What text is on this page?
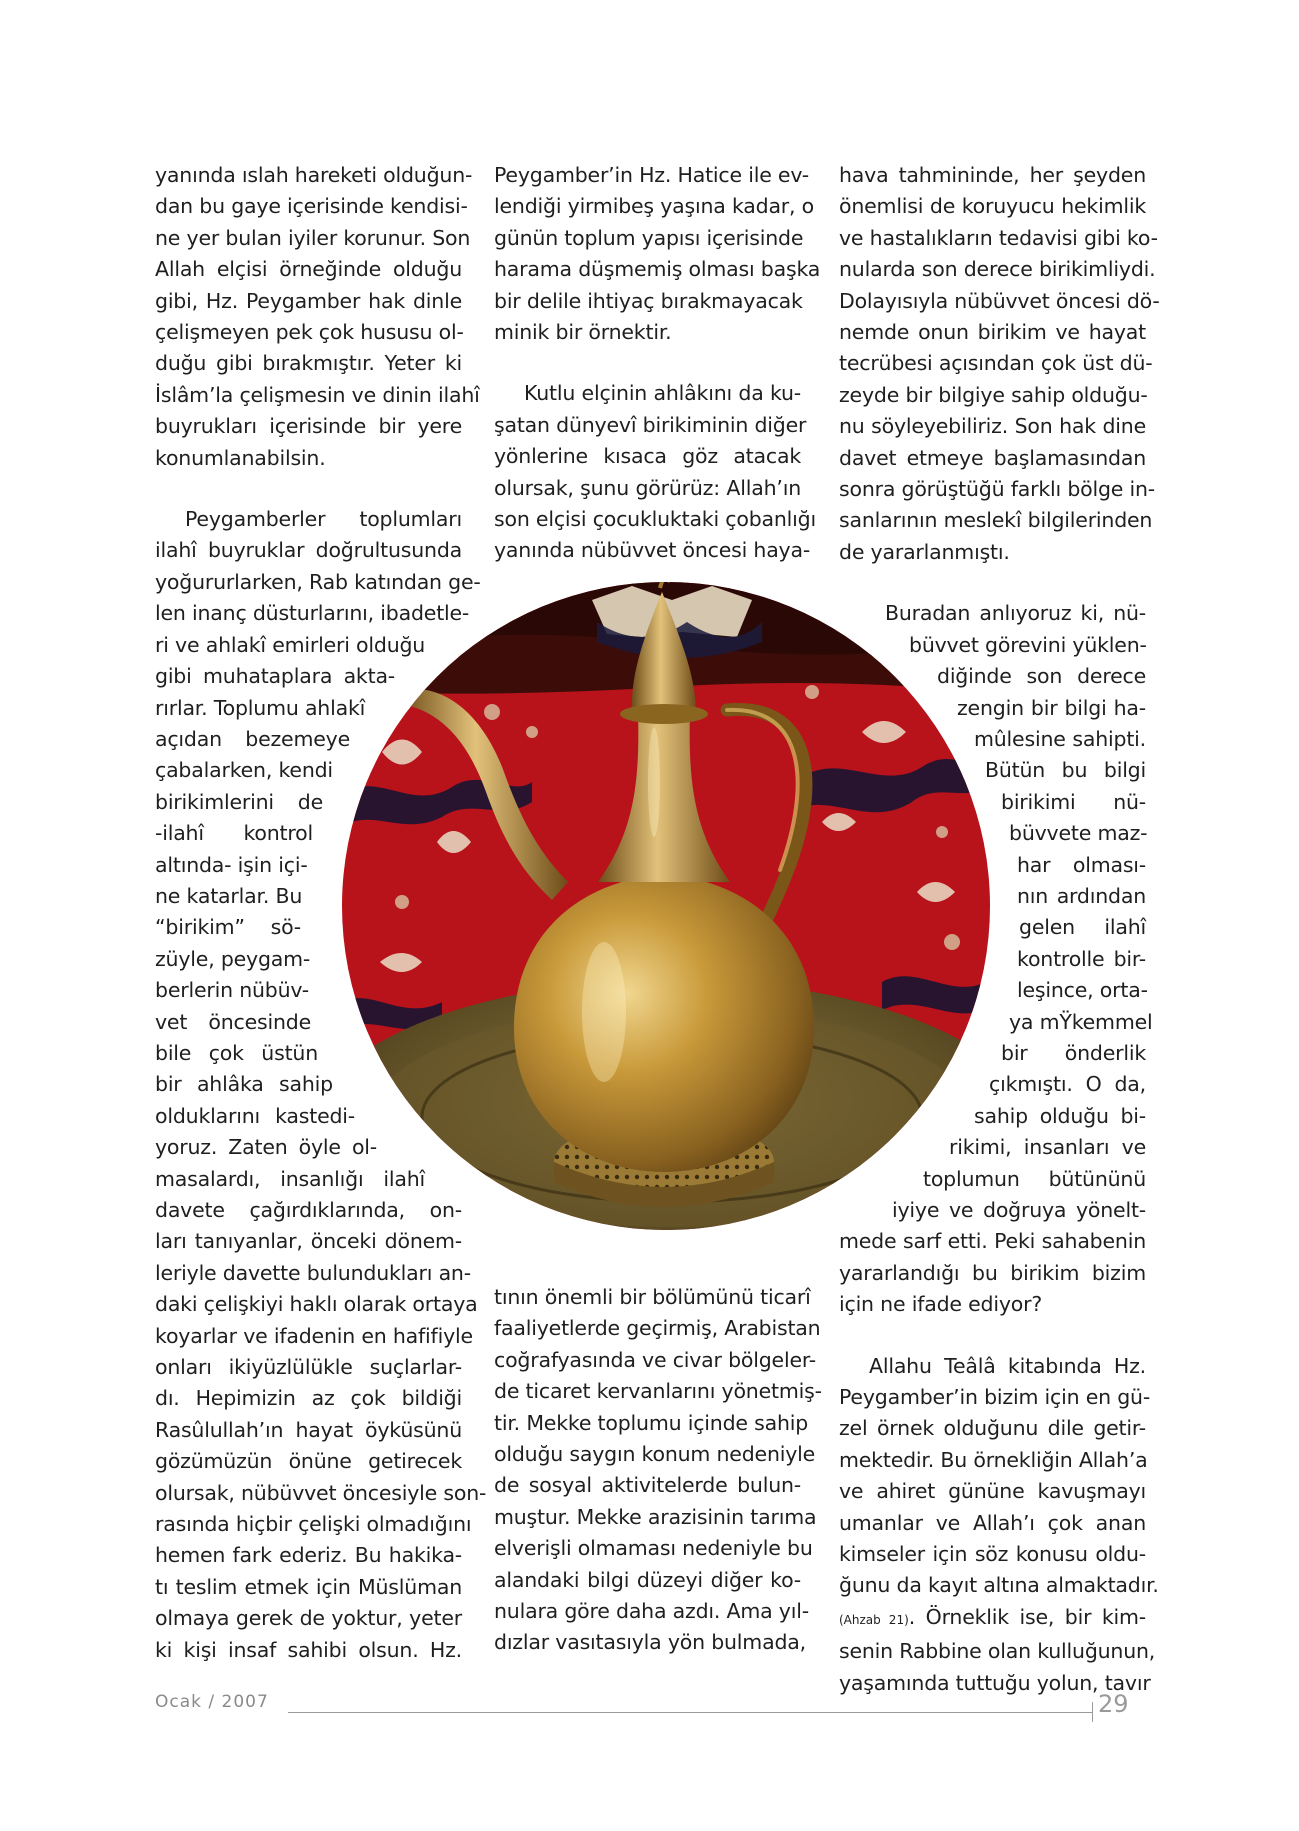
yanında ıslah hareketi olduğun-
dan bu gaye içerisinde kendisi-
ne yer bulan iyiler korunur. Son
Allah elçisi örneğinde olduğu
gibi, Hz. Peygamber hak dinle
çelişmeyen pek çok hususu ol-
duğu gibi bırakmıştır. Yeter ki
İslâm’la çelişmesin ve dinin ilahî
buyrukları içerisinde bir yere
konumlanabilsin.

Peygamberler toplumları
ilahî buyruklar doğrultusunda
yoğururlarken, Rab katından ge-
len inanç düsturlarını, ibadetle-
ri ve ahlakî emirleri olduğu
gibi muhataplara akta-
rırlar. Toplumu ahlakî
açıdan bezemeye
çabalarken, kendi
birikimlerini de
-ilahî kontrol
altında- işin içi-
ne katarlar. Bu
“birikim” sö-
züyle, peygam-
berlerin nübüv-
vet öncesinde
bile çok üstün
bir ahlâka sahip
olduklarını kastedi-
yoruz. Zaten öyle ol-
masalardı, insanlığı ilahî
davete çağırdıklarında, on-
ları tanıyanlar, önceki dönem-
leriyle davette bulundukları an-
daki çelişkiyi haklı olarak ortaya
koyarlar ve ifadenin en hafifiyle
onları ikiyüzlülükle suçlarlar-
dı. Hepimizin az çok bildiği
Rasûlullah’ın hayat öyküsünü
gözümüzün önüne getirecek
olursak, nübüvvet öncesiyle son-
rasında hiçbir çelişki olmadığını
hemen fark ederiz. Bu hakika-
tı teslim etmek için Müslüman
olmaya gerek de yoktur, yeter
ki kişi insaf sahibi olsun. Hz.

Peygamber’in Hz. Hatice ile ev-
lendiği yirmibeş yaşına kadar, o
günün toplum yapısı içerisinde
harama düşmemiş olması başka
bir delile ihtiyaç bırakmayacak
minik bir örnektir.

Kutlu elçinin ahlâkını da ku-
şatan dünyevî birikiminin diğer
yönlerine kısaca göz atacak
olursak, şunu görürüz: Allah’ın
son elçisi çocukluktaki çobanlığı
yanında nübüvvet öncesi haya-

tının önemli bir bölümünü ticarî
faaliyetlerde geçirmiş, Arabistan
coğrafyasında ve civar bölgeler-
de ticaret kervanlarını yönetmiş-
tir. Mekke toplumu içinde sahip
olduğu saygın konum nedeniyle
de sosyal aktivitelerde bulun-
muştur. Mekke arazisinin tarıma
elverişli olmaması nedeniyle bu
alandaki bilgi düzeyi diğer ko-
nulara göre daha azdı. Ama yıl-
dızlar vasıtasıyla yön bulmada,

hava tahmininde, her şeyden
önemlisi de koruyucu hekimlik
ve hastalıkların tedavisi gibi ko-
nularda son derece birikimliydi.
Dolayısıyla nübüvvet öncesi dö-
nemde onun birikim ve hayat
tecrübesi açısından çok üst dü-
zeyde bir bilgiye sahip olduğu-
nu söyleyebiliriz. Son hak dine
davet etmeye başlamasından
sonra görüştüğü farklı bölge in-
sanlarının meslekî bilgilerinden
de yararlanmıştı.

Buradan anlıyoruz ki, nü-
büvvet görevini yüklen-
diğinde son derece
zengin bir bilgi ha-
mûlesine sahipti.
Bütün bu bilgi
birikimi nü-
büvvete maz-
har olması-
nın ardından
gelen ilahî
kontrolle bir-
leşince, orta-
ya mŸkemmel
bir önderlik
çıkmıştı. O da,
sahip olduğu bi-
rikimi, insanları ve
toplumun bütününü
iyiye ve doğruya yönelt-
mede sarf etti. Peki sahabenin
yararlandığı bu birikim bizim
için ne ifade ediyor?

Allahu Teâlâ kitabında Hz.
Peygamber’in bizim için en gü-
zel örnek olduğunu dile getir-
mektedir. Bu örnekliğin Allah’a
ve ahiret gününe kavuşmayı
umanlar ve Allah’ı çok anan
kimseler için söz konusu oldu-
ğunu da kayıt altına almaktadır.
(Ahzab 21). Örneklik ise, bir kim-
senin Rabbine olan kulluğunun,
yaşamında tuttuğu yolun, tavır

Ocak / 2007	29
